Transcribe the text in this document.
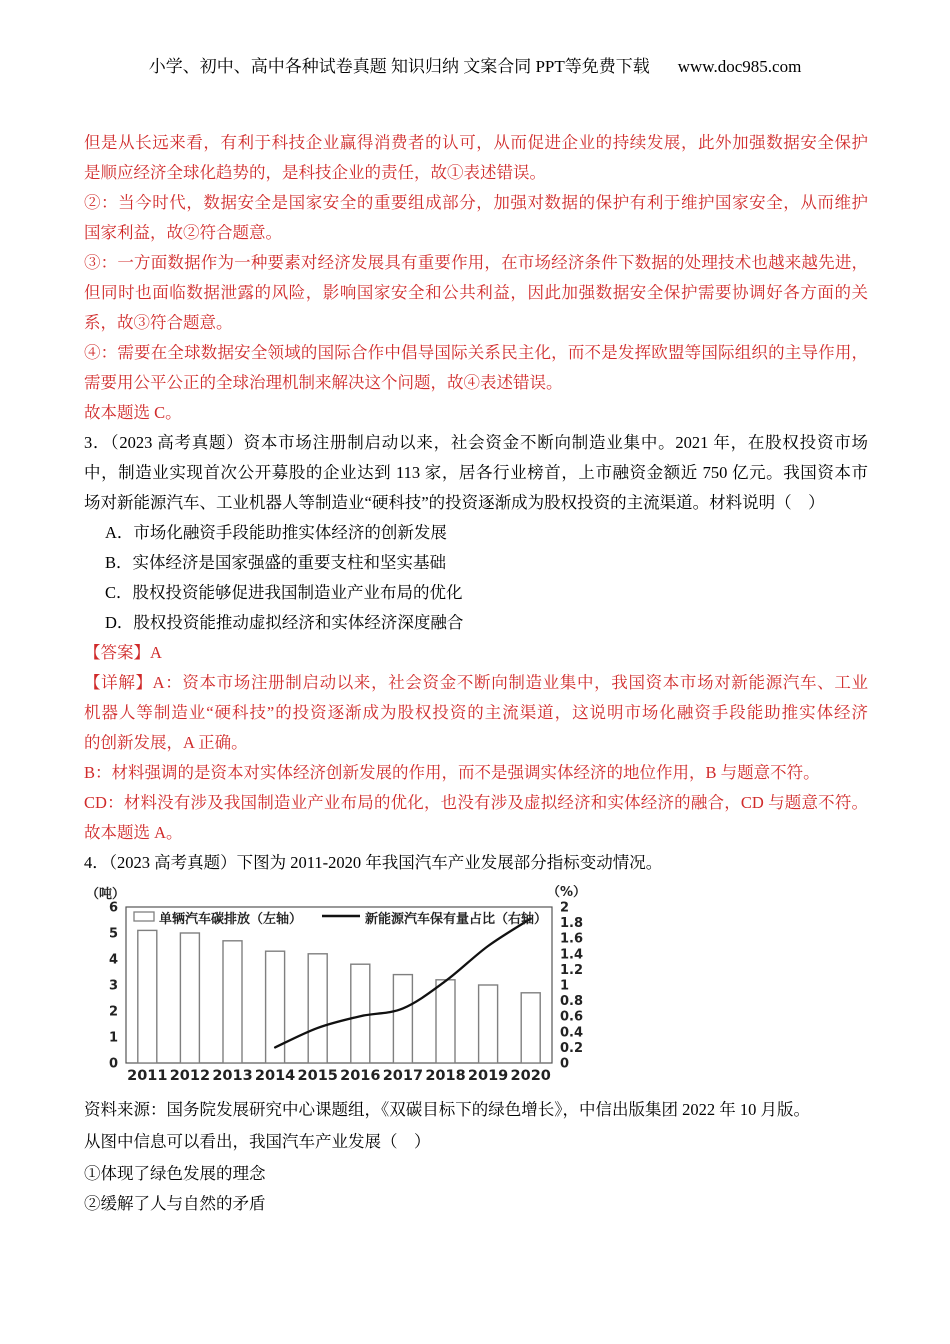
小学、初中、高中各种试卷真题 知识归纳 文案合同 PPT等免费下载 www.doc985.com
但是从长远来看，有利于科技企业赢得消费者的认可，从而促进企业的持续发展，此外加强数据安全保护
是顺应经济全球化趋势的，是科技企业的责任，故①表述错误。
②：当今时代，数据安全是国家安全的重要组成部分，加强对数据的保护有利于维护国家安全，从而维护
国家利益，故②符合题意。
③：一方面数据作为一种要素对经济发展具有重要作用，在市场经济条件下数据的处理技术也越来越先进，
但同时也面临数据泄露的风险，影响国家安全和公共利益，因此加强数据安全保护需要协调好各方面的关
系，故③符合题意。
④：需要在全球数据安全领域的国际合作中倡导国际关系民主化，而不是发挥欧盟等国际组织的主导作用，
需要用公平公正的全球治理机制来解决这个问题，故④表述错误。
故本题选 C。
3．（2023 高考真题）资本市场注册制启动以来，社会资金不断向制造业集中。2021 年，在股权投资市场
中，制造业实现首次公开募股的企业达到 113 家，居各行业榜首，上市融资金额近 750 亿元。我国资本市
场对新能源汽车、工业机器人等制造业“硬科技”的投资逐渐成为股权投资的主流渠道。材料说明（　）
A．市场化融资手段能助推实体经济的创新发展
B．实体经济是国家强盛的重要支柱和坚实基础
C．股权投资能够促进我国制造业产业布局的优化
D．股权投资能推动虚拟经济和实体经济深度融合
【答案】A
【详解】A：资本市场注册制启动以来，社会资金不断向制造业集中，我国资本市场对新能源汽车、工业
机器人等制造业“硬科技”的投资逐渐成为股权投资的主流渠道，这说明市场化融资手段能助推实体经济
的创新发展，A 正确。
B：材料强调的是资本对实体经济创新发展的作用，而不是强调实体经济的地位作用，B 与题意不符。
CD：材料没有涉及我国制造业产业布局的优化，也没有涉及虚拟经济和实体经济的融合，CD 与题意不符。
故本题选 A。
4．（2023 高考真题）下图为 2011-2020 年我国汽车产业发展部分指标变动情况。
（吨）	（%）
0
1
2
3
4
5
6
0
0.2
0.4
0.6
0.8
1
1.2
1.4
1.6
1.8
2
2011 2012 2013 2014 2015 2016 2017 2018 2019 2020
单辆汽车碳排放（左轴）	新能源汽车保有量占比（右轴）
资料来源：国务院发展研究中心课题组，《双碳目标下的绿色增长》，中信出版集团 2022 年 10 月版。
从图中信息可以看出，我国汽车产业发展（　）
①体现了绿色发展的理念
②缓解了人与自然的矛盾
